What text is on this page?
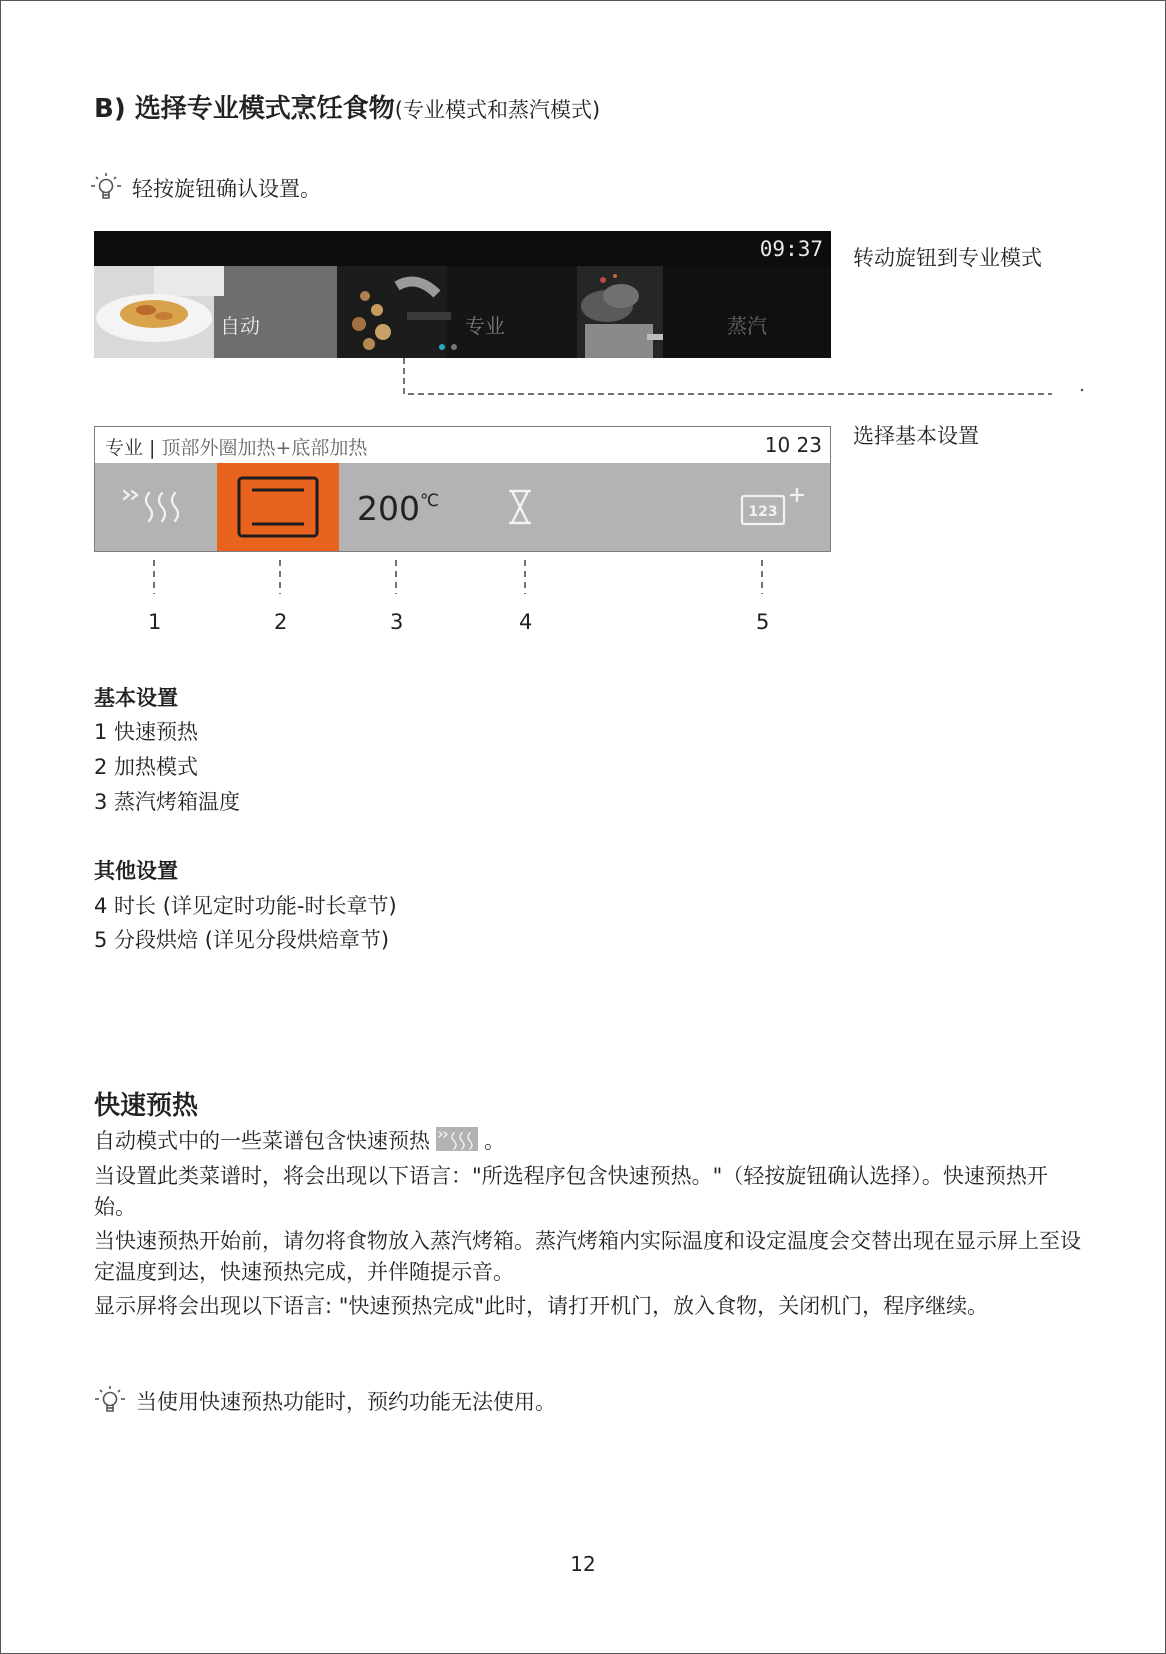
B) 选择专业模式烹饪食物(专业模式和蒸汽模式)
轻按旋钮确认设置。
09:37
自动	专业	蒸汽
转动旋钮到专业模式
专业 | 顶部外圈加热+底部加热	10 23
200℃
123
选择基本设置
1	2	3	4	5
基本设置
1 快速预热
2 加热模式
3 蒸汽烤箱温度
其他设置
4 时长 (详见定时功能-时长章节)
5 分段烘焙 (详见分段烘焙章节)
快速预热
自动模式中的一些菜谱包含快速预热	。
当设置此类菜谱时，将会出现以下语言："所选程序包含快速预热。"（轻按旋钮确认选择）。快速预热开始。
当快速预热开始前，请勿将食物放入蒸汽烤箱。蒸汽烤箱内实际温度和设定温度会交替出现在显示屏上至设定温度到达，快速预热完成，并伴随提示音。
显示屏将会出现以下语言: "快速预热完成"此时，请打开机门，放入食物，关闭机门，程序继续。
当使用快速预热功能时，预约功能无法使用。
12
